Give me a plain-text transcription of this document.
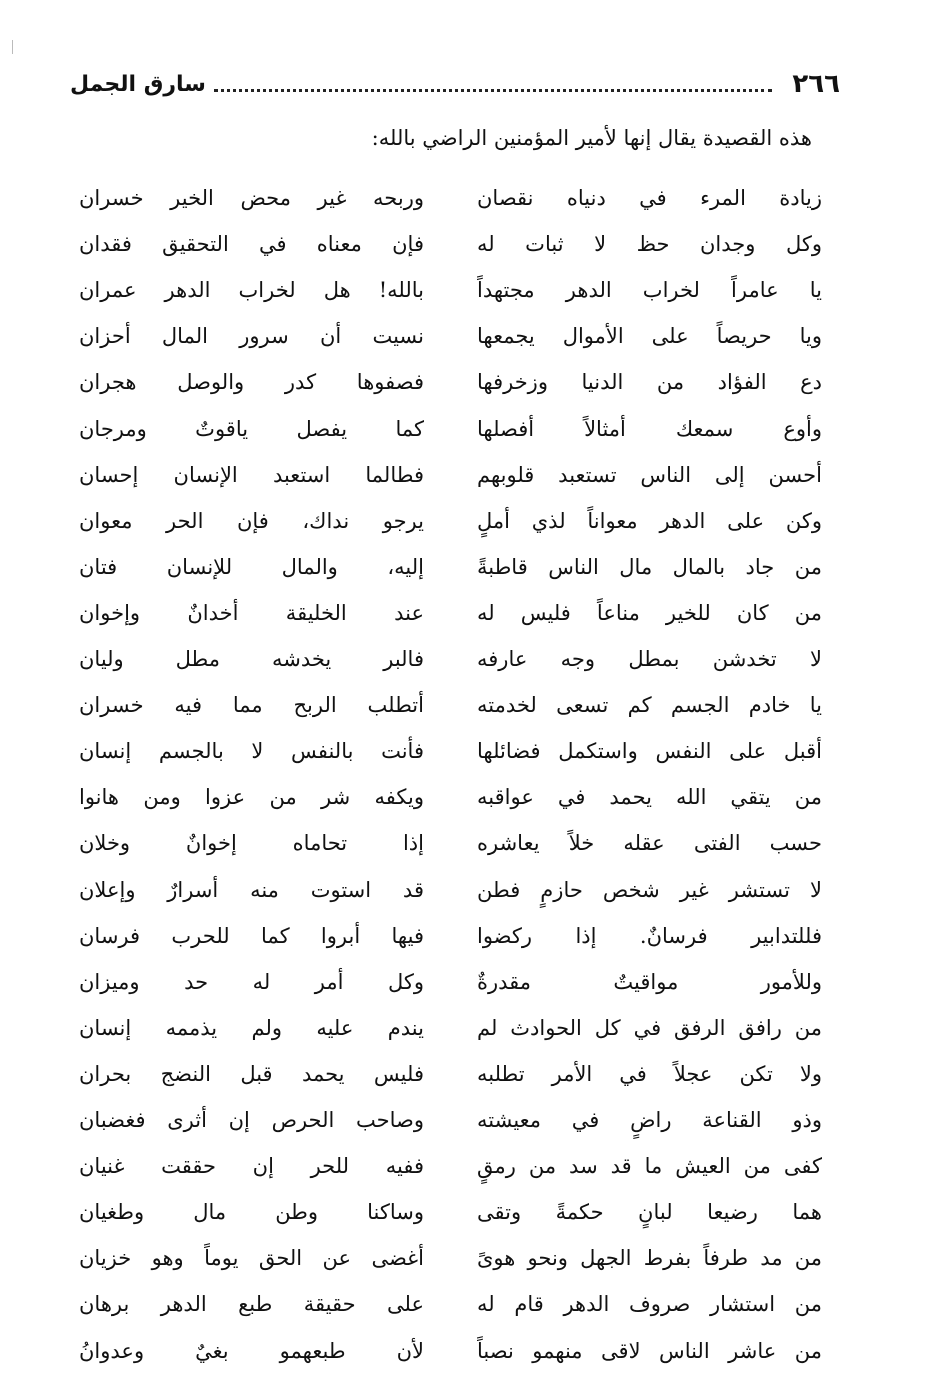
٢٦٦
سارق الجمل
هذه القصيدة يقال إنها لأمير المؤمنين الراضي بالله:
زيادة المرء في دنياه نقصان
وربحه غير محض الخير خسران
وكل وجدان حظ لا ثبات له
فإن معناه في التحقيق فقدان
يا عامراً لخراب الدهر مجتهداً
بالله! هل لخراب الدهر عمران
ويا حريصاً على الأموال يجمعها
نسيت أن سرور المال أحزان
دع الفؤاد من الدنيا وزخرفها
فصفوها كدر والوصل هجران
وأوع سمعك أمثالاً أفصلها
كما يفصل ياقوتٌ ومرجان
أحسن إلى الناس تستعبد قلوبهم
فطالما استعبد الإنسان إحسان
وكن على الدهر معواناً لذي أملٍ
يرجو نداك، فإن الحر معوان
من جاد بالمال مال الناس قاطبةً
إليه، والمال للإنسان فتان
من كان للخير مناعاً فليس له
عند الخليقة أخدانٌ وإخوان
لا تخدشن بمطل وجه عارفه
فالبر يخدشه مطل وليان
يا خادم الجسم كم تسعى لخدمته
أتطلب الربح مما فيه خسران
أقبل على النفس واستكمل فضائلها
فأنت بالنفس لا بالجسم إنسان
من يتقي الله يحمد في عواقبه
ويكفه شر من عزوا ومن هانوا
حسب الفتى عقله خلاً يعاشره
إذا تحاماه إخوانٌ وخلان
لا تستشر غير شخص حازمٍ فطن
قد استوت منه أسرارٌ وإعلان
فللتدابير فرسانٌ. إذا ركضوا
فيها أبروا كما للحرب فرسان
وللأمور مواقيتٌ مقدرةٌ
وكل أمر له حد وميزان
من رافق الرفق في كل الحوادث لم
يندم عليه ولم يذممه إنسان
ولا تكن عجلاً في الأمر تطلبه
فليس يحمد قبل النضج بحران
وذو القناعة راضٍ في معيشته
وصاحب الحرص إن أثرى فغضبان
كفى من العيش ما قد سد من رمقٍ
ففيه للحر إن حققت غنيان
هما رضيعا لبانٍ حكمةً وتقى
وساكنا وطن مال وطغيان
من مد طرفاً بفرط الجهل ونحو هوىً
أغضى عن الحق يوماً وهو خزيان
من استشار صروف الدهر قام له
على حقيقة طبع الدهر برهان
من عاشر الناس لاقى منهمو نصباً
لأن طبعهمو بغيٌ وعدوانُ
